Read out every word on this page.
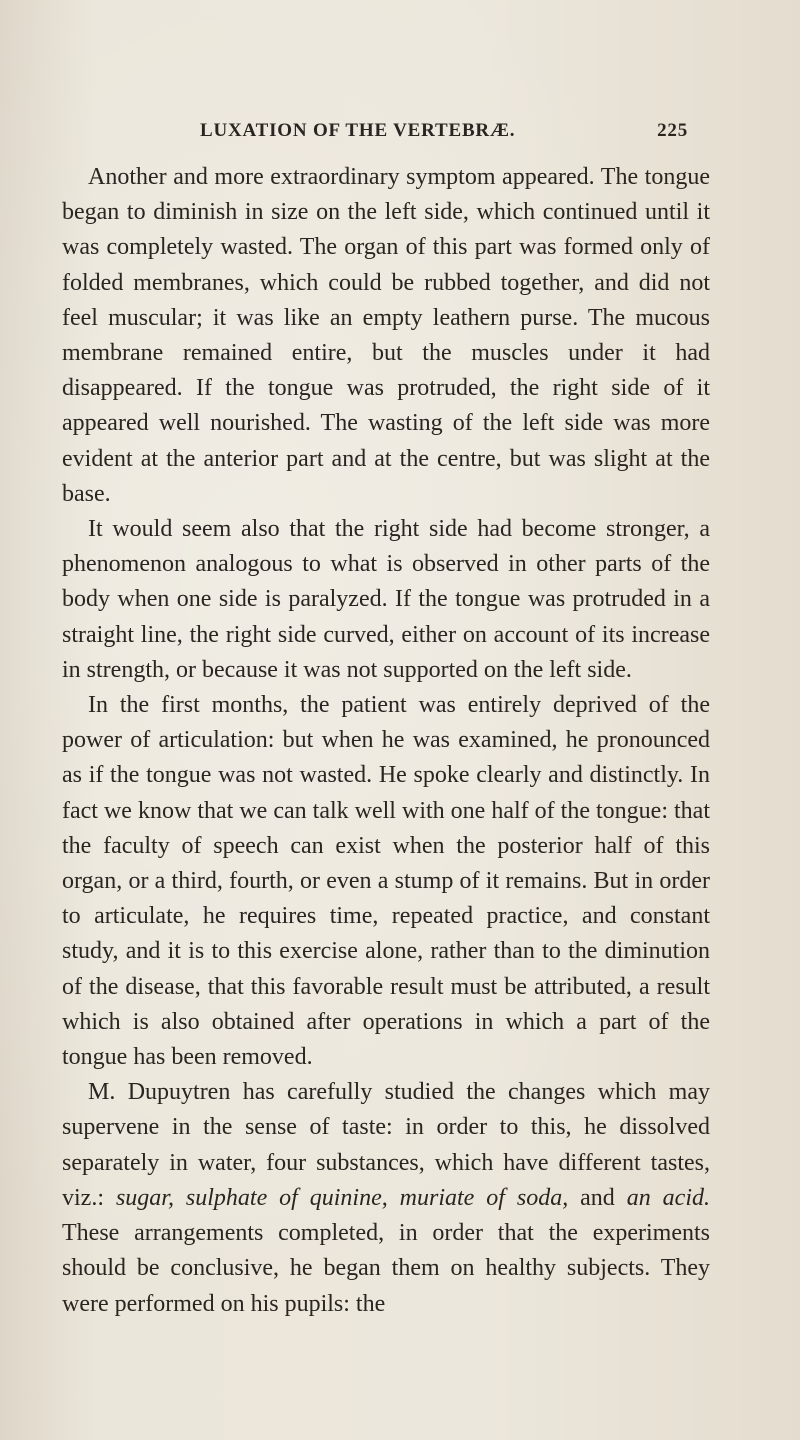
LUXATION OF THE VERTEBRÆ.	225

Another and more extraordinary symptom appeared. The tongue began to diminish in size on the left side, which continued until it was completely wasted. The organ of this part was formed only of folded membranes, which could be rubbed together, and did not feel muscular; it was like an empty leathern purse. The mucous membrane remained entire, but the muscles under it had disappeared. If the tongue was protruded, the right side of it appeared well nourished. The wasting of the left side was more evident at the anterior part and at the centre, but was slight at the base.

It would seem also that the right side had become stronger, a phenomenon analogous to what is observed in other parts of the body when one side is paralyzed. If the tongue was protruded in a straight line, the right side curved, either on account of its increase in strength, or because it was not supported on the left side.

In the first months, the patient was entirely deprived of the power of articulation: but when he was examined, he pronounced as if the tongue was not wasted. He spoke clearly and distinctly. In fact we know that we can talk well with one half of the tongue: that the faculty of speech can exist when the posterior half of this organ, or a third, fourth, or even a stump of it remains. But in order to articulate, he requires time, repeated practice, and constant study, and it is to this exercise alone, rather than to the diminution of the disease, that this favorable result must be attributed, a result which is also obtained after operations in which a part of the tongue has been removed.

M. Dupuytren has carefully studied the changes which may supervene in the sense of taste: in order to this, he dissolved separately in water, four substances, which have different tastes, viz.: sugar, sulphate of quinine, muriate of soda, and an acid. These arrangements completed, in order that the experiments should be conclusive, he began them on healthy subjects. They were performed on his pupils: the
